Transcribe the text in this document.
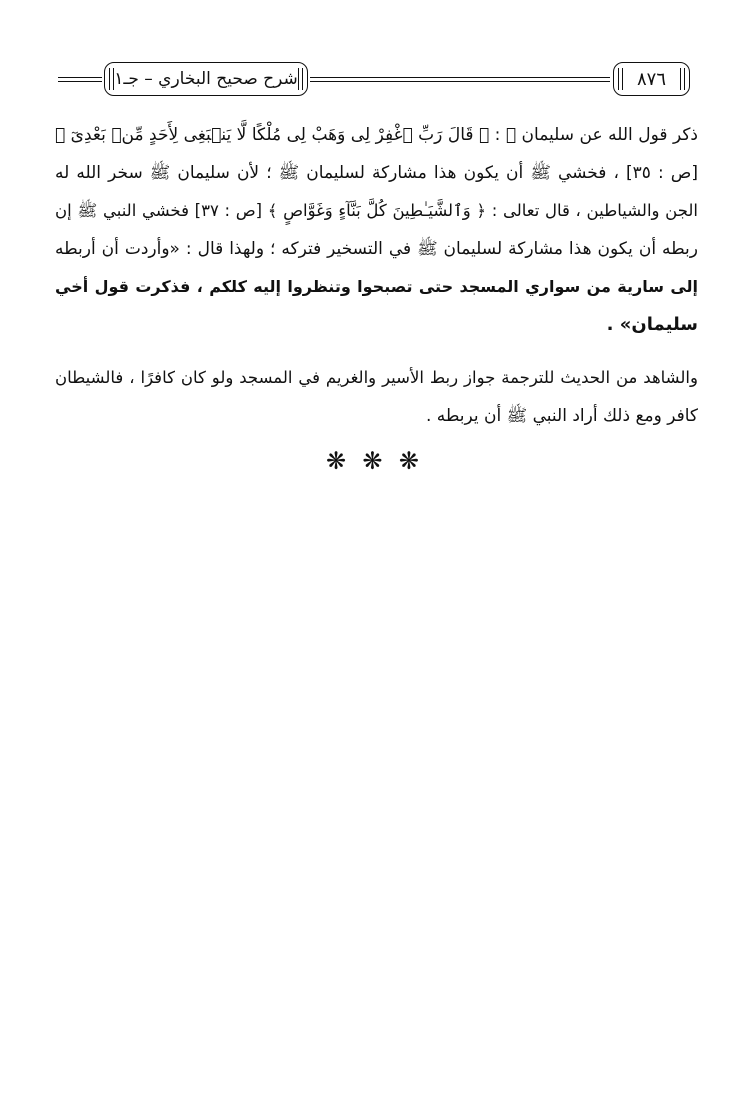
شرح صحيح البخاري – جـ١	٨٧٦
ذكر قول الله عن سليمان ﷺ : ﴿ قَالَ رَبِّ ٱغْفِرْ لِى وَهَبْ لِى مُلْكًا لَّا يَنۢبَغِى لِأَحَدٍ مِّنۢ بَعْدِىٓ ﴾
[ص : ٣٥] ، فخشي ﷺ أن يكون هذا مشاركة لسليمان ﷺ ؛ لأن سليمان ﷺ سخر الله له
الجن والشياطين ، قال تعالى : ﴿ وَٱلشَّيَـٰطِينَ كُلَّ بَنَّآءٍ وَغَوَّاصٍ ﴾ [ص : ٣٧] فخشي النبي ﷺ إن
ربطه أن يكون هذا مشاركة لسليمان ﷺ في التسخير فتركه ؛ ولهذا قال : «وأردت أن أربطه
إلى سارية من سواري المسجد حتى تصبحوا وتنظروا إليه كلكم ، فذكرت قول أخي
سليمان» .
والشاهد من الحديث للترجمة جواز ربط الأسير والغريم في المسجد ولو كان كافرًا ، فالشيطان
كافر ومع ذلك أراد النبي ﷺ أن يربطه .
❋ ❋ ❋
